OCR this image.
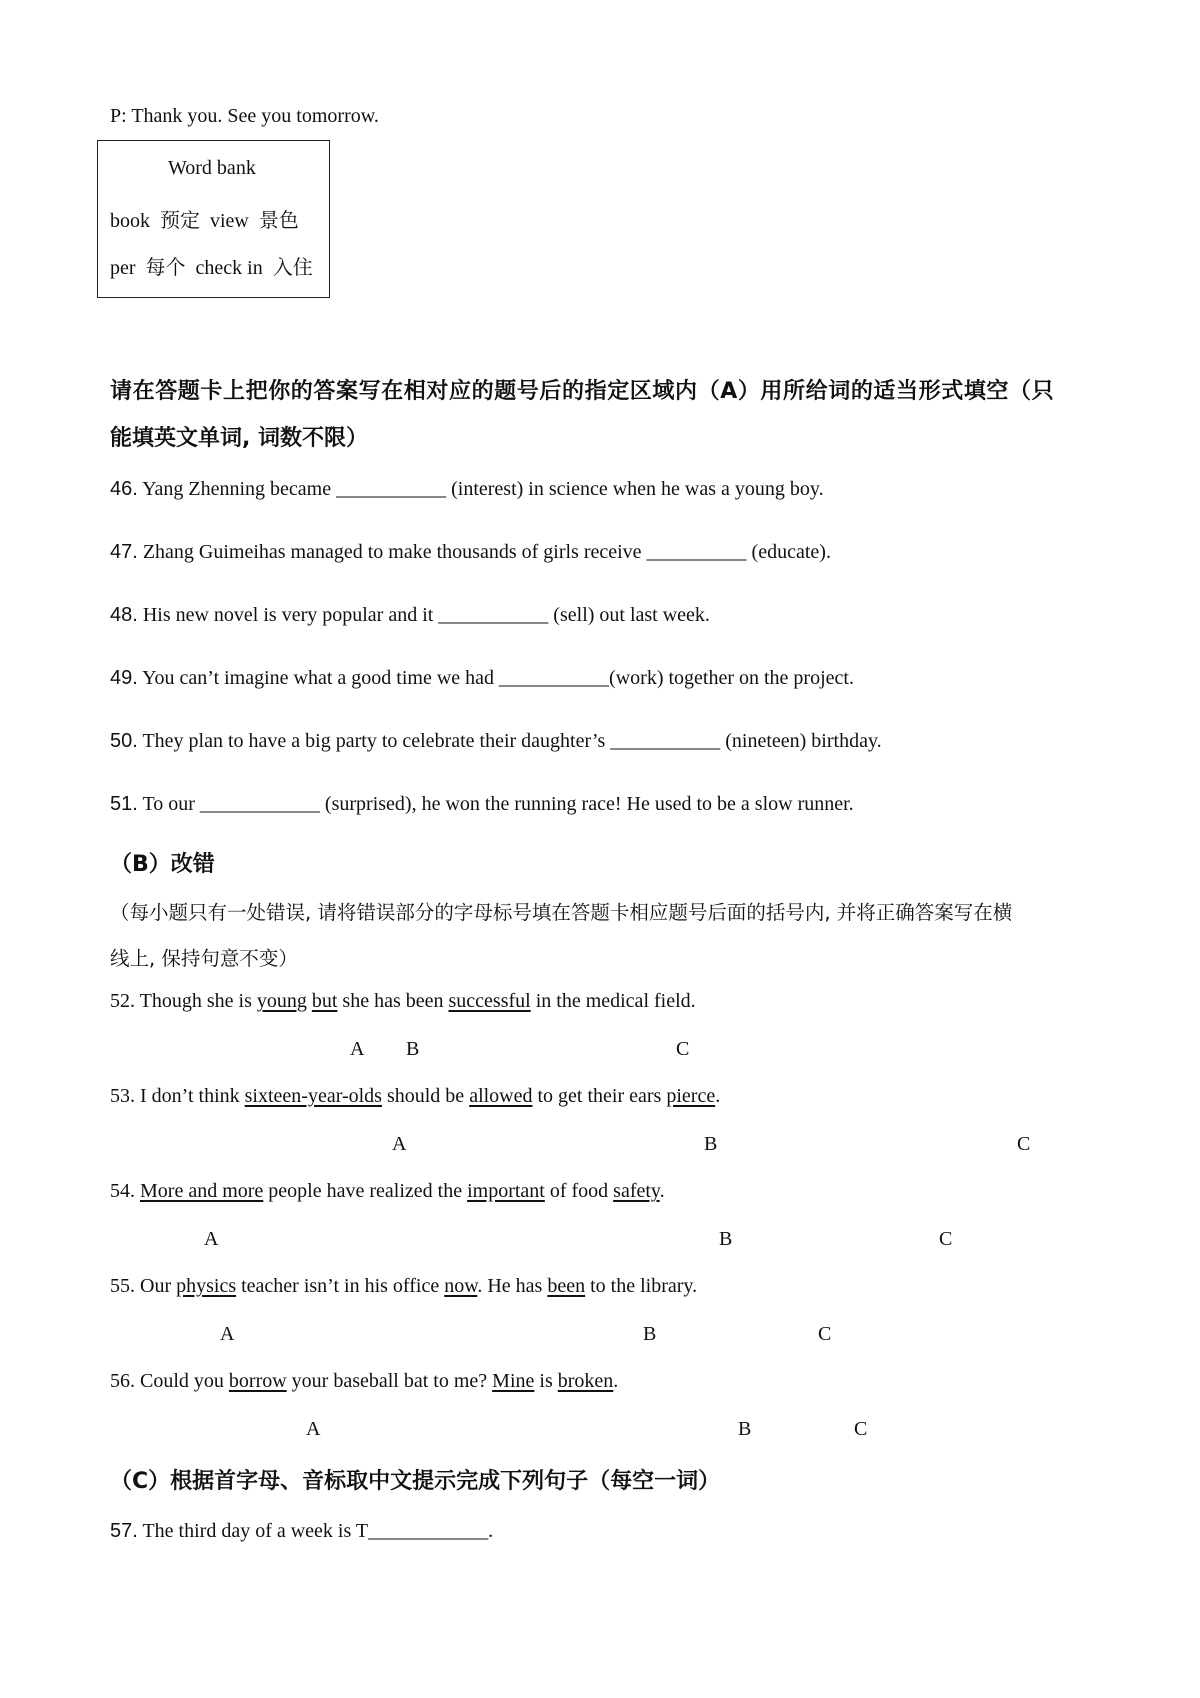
P: Thank you. See you tomorrow.
Word bank
book 预定 view 景色
per 每个 check in 入住
请在答题卡上把你的答案写在相对应的题号后的指定区域内（A）用所给词的适当形式填空（只
能填英文单词, 词数不限）
46. Yang Zhenning became ___________ (interest) in science when he was a young boy.
47. Zhang Guimeihas managed to make thousands of girls receive __________ (educate).
48. His new novel is very popular and it ___________ (sell) out last week.
49. You can’t imagine what a good time we had ___________(work) together on the project.
50. They plan to have a big party to celebrate their daughter’s ___________ (nineteen) birthday.
51. To our ____________ (surprised), he won the running race! He used to be a slow runner.
（B）改错
（每小题只有一处错误, 请将错误部分的字母标号填在答题卡相应题号后面的括号内, 并将正确答案写在横
线上, 保持句意不变）
52. Though she is young but she has been successful in the medical field.
A B	C
53. I don’t think sixteen-year-olds should be allowed to get their ears pierce.
A	B	C
54. More and more people have realized the important of food safety.
A	B	C
55. Our physics teacher isn’t in his office now. He has been to the library.
A	B	C
56. Could you borrow your baseball bat to me? Mine is broken.
A	B	C
（C）根据首字母、音标取中文提示完成下列句子（每空一词）
57. The third day of a week is T____________.
